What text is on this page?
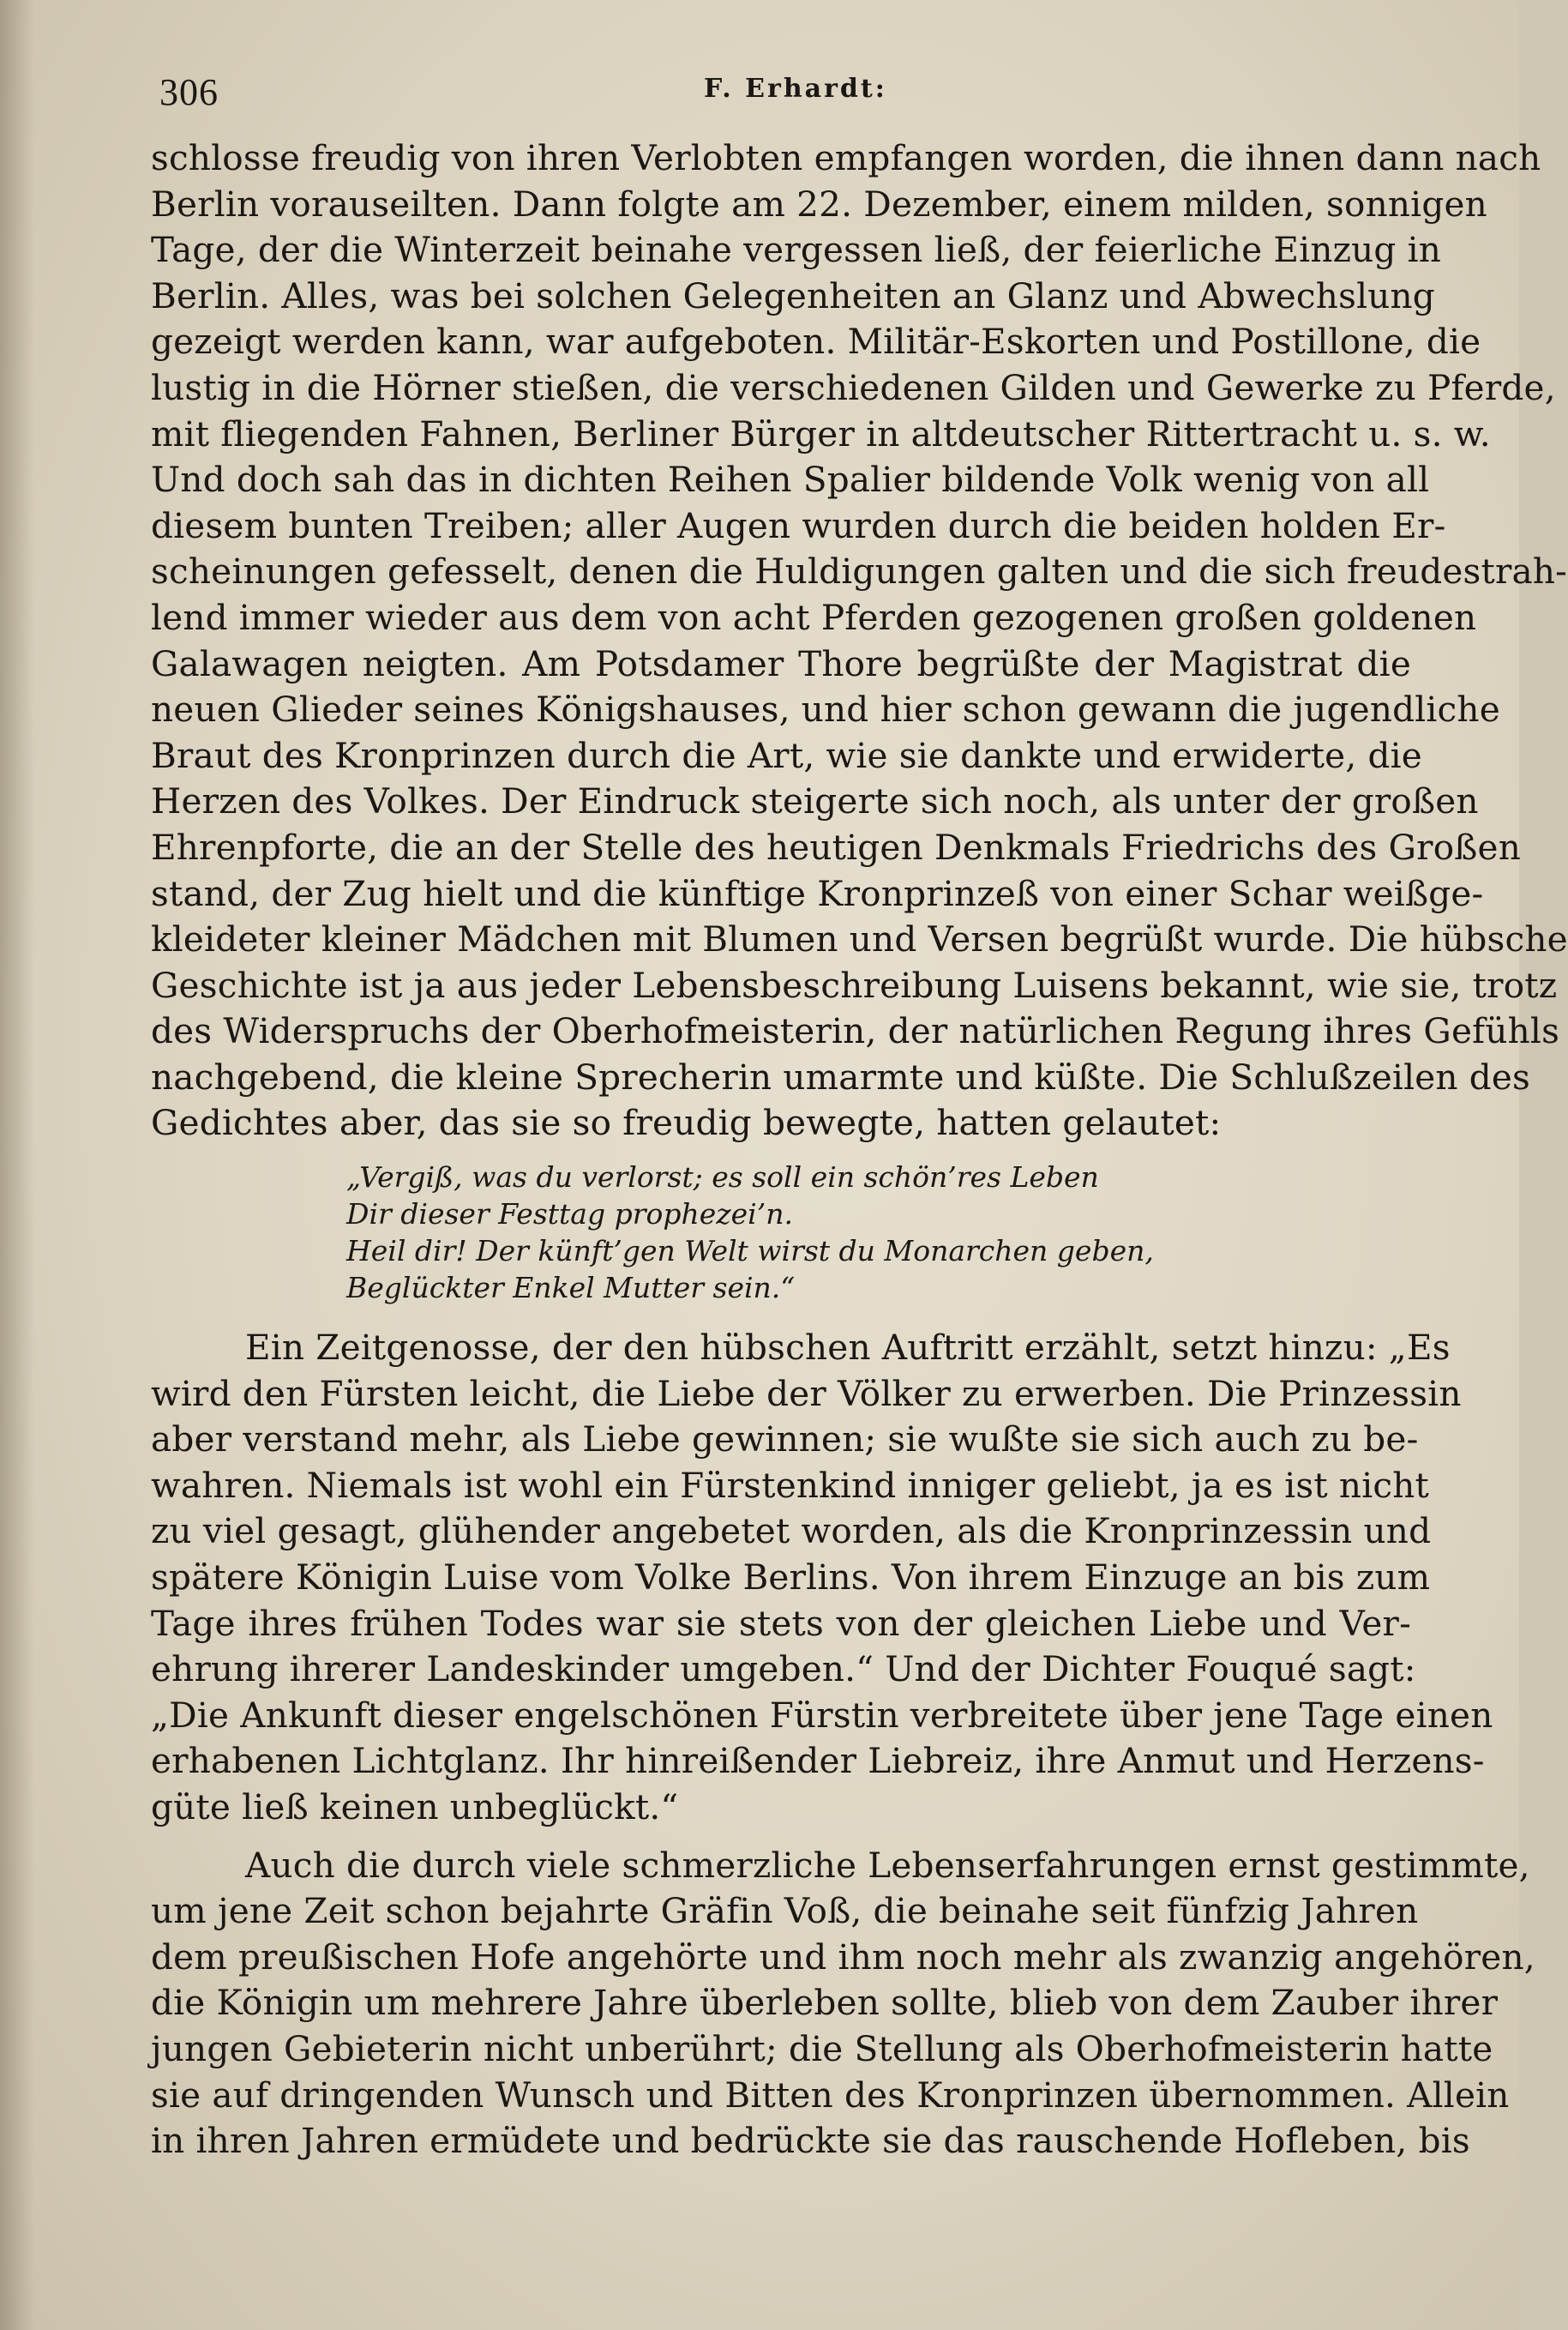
306	F. Erhardt:

schlosse freudig von ihren Verlobten empfangen worden, die ihnen dann nach
Berlin vorauseilten. Dann folgte am 22. Dezember, einem milden, sonnigen
Tage, der die Winterzeit beinahe vergessen ließ, der feierliche Einzug in
Berlin. Alles, was bei solchen Gelegenheiten an Glanz und Abwechslung
gezeigt werden kann, war aufgeboten. Militär-Eskorten und Postillone, die
lustig in die Hörner stießen, die verschiedenen Gilden und Gewerke zu Pferde,
mit fliegenden Fahnen, Berliner Bürger in altdeutscher Rittertracht u. s. w.
Und doch sah das in dichten Reihen Spalier bildende Volk wenig von all
diesem bunten Treiben; aller Augen wurden durch die beiden holden Er-
scheinungen gefesselt, denen die Huldigungen galten und die sich freudestrah-
lend immer wieder aus dem von acht Pferden gezogenen großen goldenen
Galawagen neigten. Am Potsdamer Thore begrüßte der Magistrat die
neuen Glieder seines Königshauses, und hier schon gewann die jugendliche
Braut des Kronprinzen durch die Art, wie sie dankte und erwiderte, die
Herzen des Volkes. Der Eindruck steigerte sich noch, als unter der großen
Ehrenpforte, die an der Stelle des heutigen Denkmals Friedrichs des Großen
stand, der Zug hielt und die künftige Kronprinzeß von einer Schar weißge-
kleideter kleiner Mädchen mit Blumen und Versen begrüßt wurde. Die hübsche
Geschichte ist ja aus jeder Lebensbeschreibung Luisens bekannt, wie sie, trotz
des Widerspruchs der Oberhofmeisterin, der natürlichen Regung ihres Gefühls
nachgebend, die kleine Sprecherin umarmte und küßte. Die Schlußzeilen des
Gedichtes aber, das sie so freudig bewegte, hatten gelautet:

„Vergiß, was du verlorst; es soll ein schön’res Leben
Dir dieser Festtag prophezei’n.
Heil dir! Der künft’gen Welt wirst du Monarchen geben,
Beglückter Enkel Mutter sein.“

Ein Zeitgenosse, der den hübschen Auftritt erzählt, setzt hinzu: „Es
wird den Fürsten leicht, die Liebe der Völker zu erwerben. Die Prinzessin
aber verstand mehr, als Liebe gewinnen; sie wußte sie sich auch zu be-
wahren. Niemals ist wohl ein Fürstenkind inniger geliebt, ja es ist nicht
zu viel gesagt, glühender angebetet worden, als die Kronprinzessin und
spätere Königin Luise vom Volke Berlins. Von ihrem Einzuge an bis zum
Tage ihres frühen Todes war sie stets von der gleichen Liebe und Ver-
ehrung ihrerer Landeskinder umgeben.“ Und der Dichter Fouqué sagt:
„Die Ankunft dieser engelschönen Fürstin verbreitete über jene Tage einen
erhabenen Lichtglanz. Ihr hinreißender Liebreiz, ihre Anmut und Herzens-
güte ließ keinen unbeglückt.“

Auch die durch viele schmerzliche Lebenserfahrungen ernst gestimmte,
um jene Zeit schon bejahrte Gräfin Voß, die beinahe seit fünfzig Jahren
dem preußischen Hofe angehörte und ihm noch mehr als zwanzig angehören,
die Königin um mehrere Jahre überleben sollte, blieb von dem Zauber ihrer
jungen Gebieterin nicht unberührt; die Stellung als Oberhofmeisterin hatte
sie auf dringenden Wunsch und Bitten des Kronprinzen übernommen. Allein
in ihren Jahren ermüdete und bedrückte sie das rauschende Hofleben, bis
